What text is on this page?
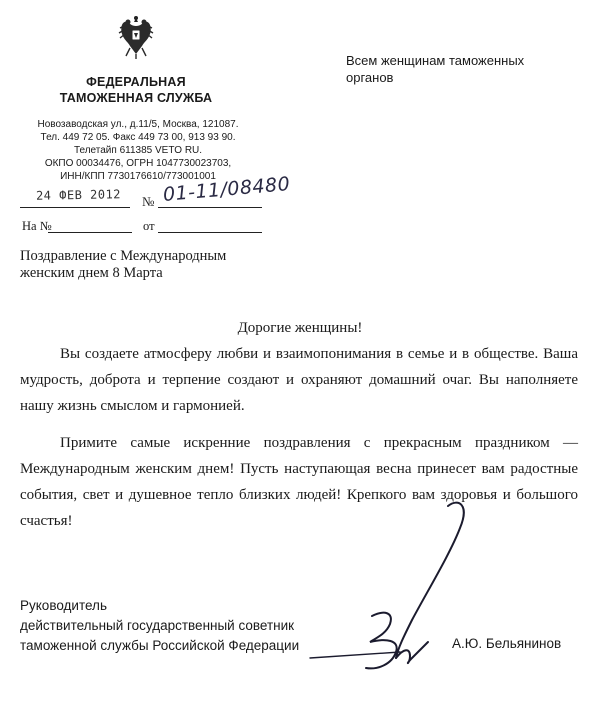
ФЕДЕРАЛЬНАЯ
ТАМОЖЕННАЯ СЛУЖБА
Новозаводская ул., д.11/5, Москва, 121087.
Тел. 449 72 05. Факс 449 73 00, 913 93 90.
Телетайп 611385 VETO RU.
ОКПО 00034476, ОГРН 1047730023703,
ИНН/КПП 7730176610/773001001
Всем женщинам таможенных
органов
24 ФЕВ 2012 № 01-11/08480
На №	от
Поздравление с Международным
женским днем 8 Марта
Дорогие женщины!
Вы создаете атмосферу любви и взаимопонимания в семье и в обществе. Ваша мудрость, доброта и терпение создают и охраняют домашний очаг. Вы наполняете нашу жизнь смыслом и гармонией.
Примите самые искренние поздравления с прекрасным праздником — Международным женским днем! Пусть наступающая весна принесет вам радостные события, свет и душевное тепло близких людей! Крепкого вам здоровья и большого счастья!
Руководитель
действительный государственный советник
таможенной службы Российской Федерации	А.Ю. Бельянинов
